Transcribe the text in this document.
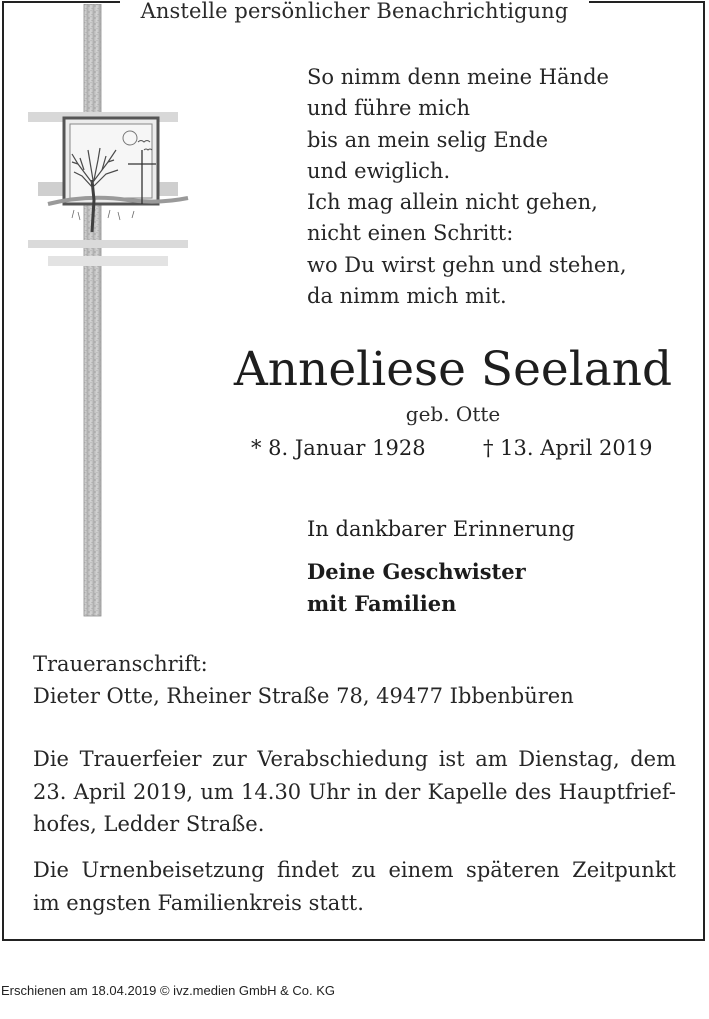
Anstelle persönlicher Benachrichtigung
So nimm denn meine Hände
und führe mich
bis an mein selig Ende
und ewiglich.
Ich mag allein nicht gehen,
nicht einen Schritt:
wo Du wirst gehn und stehen,
da nimm mich mit.
Anneliese Seeland
geb. Otte
* 8. Januar 1928	† 13. April 2019
In dankbarer Erinnerung
Deine Geschwister
mit Familien
Traueranschrift:
Dieter Otte, Rheiner Straße 78, 49477 Ibbenbüren
Die Trauerfeier zur Verabschiedung ist am Dienstag, dem
23. April 2019, um 14.30 Uhr in der Kapelle des Hauptfrief-
hofes, Ledder Straße.
Die Urnenbeisetzung findet zu einem späteren Zeitpunkt
im engsten Familienkreis statt.
Erschienen am 18.04.2019 © ivz.medien GmbH & Co. KG
